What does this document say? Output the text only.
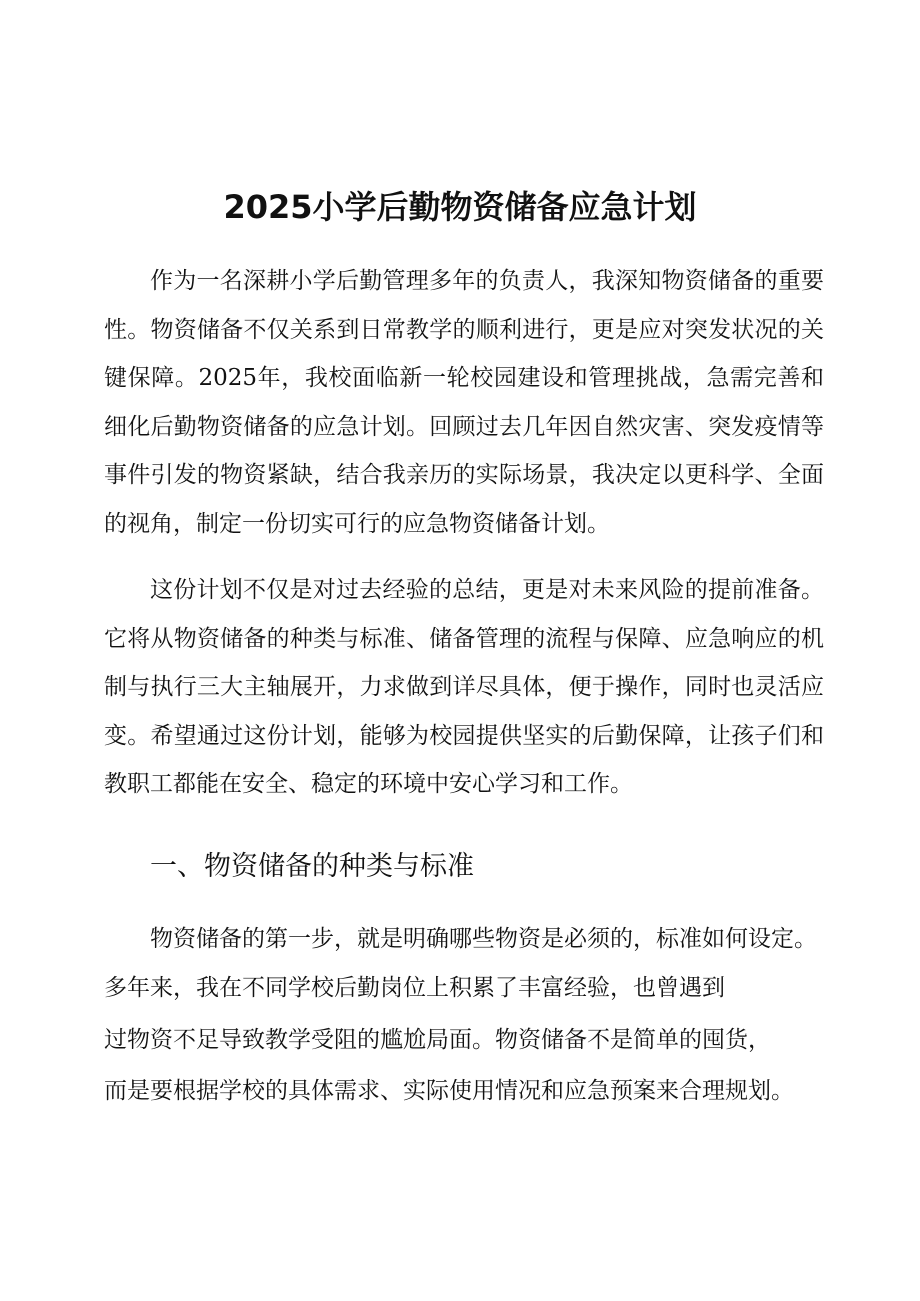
2025小学后勤物资储备应急计划

作为一名深耕小学后勤管理多年的负责人，我深知物资储备的重要性。物资储备不仅关系到日常教学的顺利进行，更是应对突发状况的关键保障。2025年，我校面临新一轮校园建设和管理挑战，急需完善和细化后勤物资储备的应急计划。回顾过去几年因自然灾害、突发疫情等事件引发的物资紧缺，结合我亲历的实际场景，我决定以更科学、全面的视角，制定一份切实可行的应急物资储备计划。

这份计划不仅是对过去经验的总结，更是对未来风险的提前准备。它将从物资储备的种类与标准、储备管理的流程与保障、应急响应的机制与执行三大主轴展开，力求做到详尽具体，便于操作，同时也灵活应变。希望通过这份计划，能够为校园提供坚实的后勤保障，让孩子们和教职工都能在安全、稳定的环境中安心学习和工作。

一、物资储备的种类与标准

物资储备的第一步，就是明确哪些物资是必须的，标准如何设定。

多年来，我在不同学校后勤岗位上积累了丰富经验，也曾遇到

过物资不足导致教学受阻的尴尬局面。物资储备不是简单的囤货，

而是要根据学校的具体需求、实际使用情况和应急预案来合理规划。
